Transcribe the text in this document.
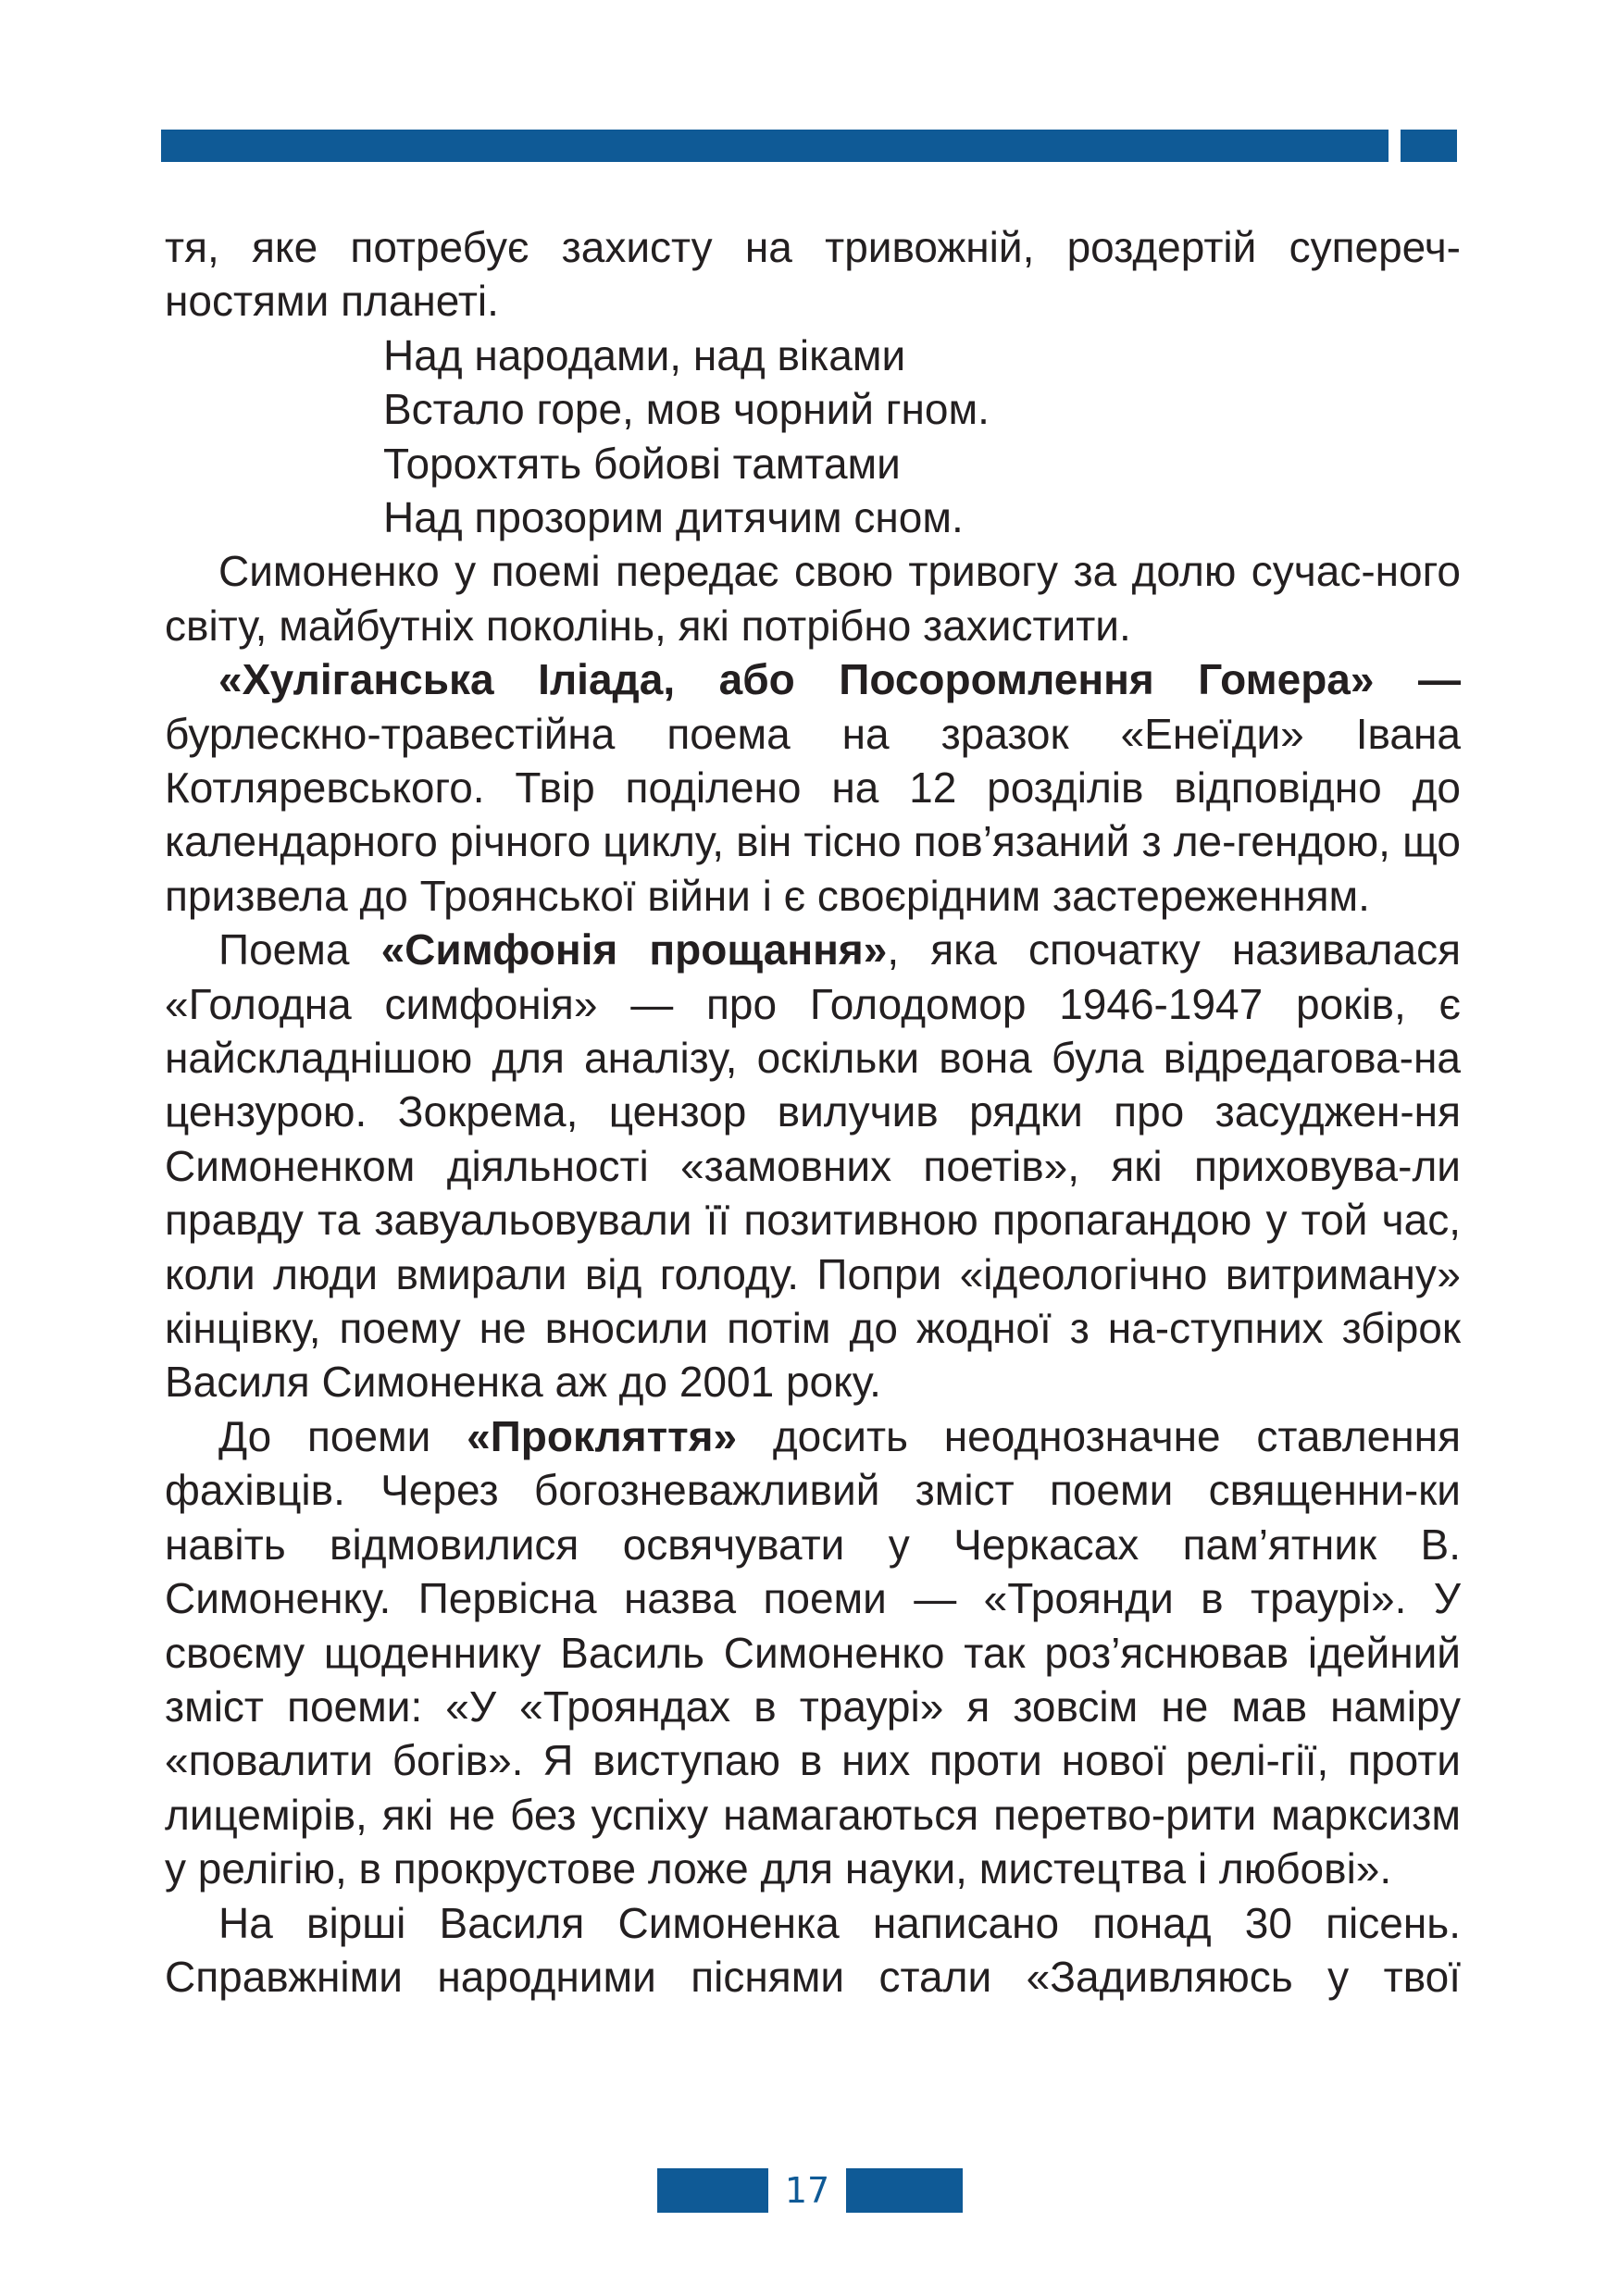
тя, яке потребує захисту на тривожній, роздертій супереч-ностями планеті.

Над народами, над віками
Встало горе, мов чорний гном.
Торохтять бойові тамтами
Над прозорим дитячим сном.

Симоненко у поемі передає свою тривогу за долю сучас-ного світу, майбутніх поколінь, які потрібно захистити.

«Хуліганська Іліада, або Посоромлення Гомера» — бурлескно-травестійна поема на зразок «Енеїди» Івана Котляревського. Твір поділено на 12 розділів відповідно до календарного річного циклу, він тісно пов’язаний з ле-гендою, що призвела до Троянської війни і є своєрідним застереженням.

Поема «Симфонія прощання», яка спочатку називалася «Голодна симфонія» — про Голодомор 1946-1947 років, є найскладнішою для аналізу, оскільки вона була відредагова-на цензурою. Зокрема, цензор вилучив рядки про засуджен-ня Симоненком діяльності «замовних поетів», які приховува-ли правду та завуальовували її позитивною пропагандою у той час, коли люди вмирали від голоду. Попри «ідеологічно витриману» кінцівку, поему не вносили потім до жодної з на-ступних збірок Василя Симоненка аж до 2001 року.

До поеми «Прокляття» досить неоднозначне ставлення фахівців. Через богозневажливий зміст поеми священни-ки навіть відмовилися освячувати у Черкасах пам’ятник В. Симоненку. Первісна назва поеми — «Троянди в траурі». У своєму щоденнику Василь Симоненко так роз’яснював ідейний зміст поеми: «У «Трояндах в траурі» я зовсім не мав наміру «повалити богів». Я виступаю в них проти нової релі-гії, проти лицемірів, які не без успіху намагаються перетво-рити марксизм у релігію, в прокрустове ложе для науки, мистецтва і любові».

На вірші Василя Симоненка написано понад 30 пісень. Справжніми народними піснями стали «Задивляюсь у твої

17
